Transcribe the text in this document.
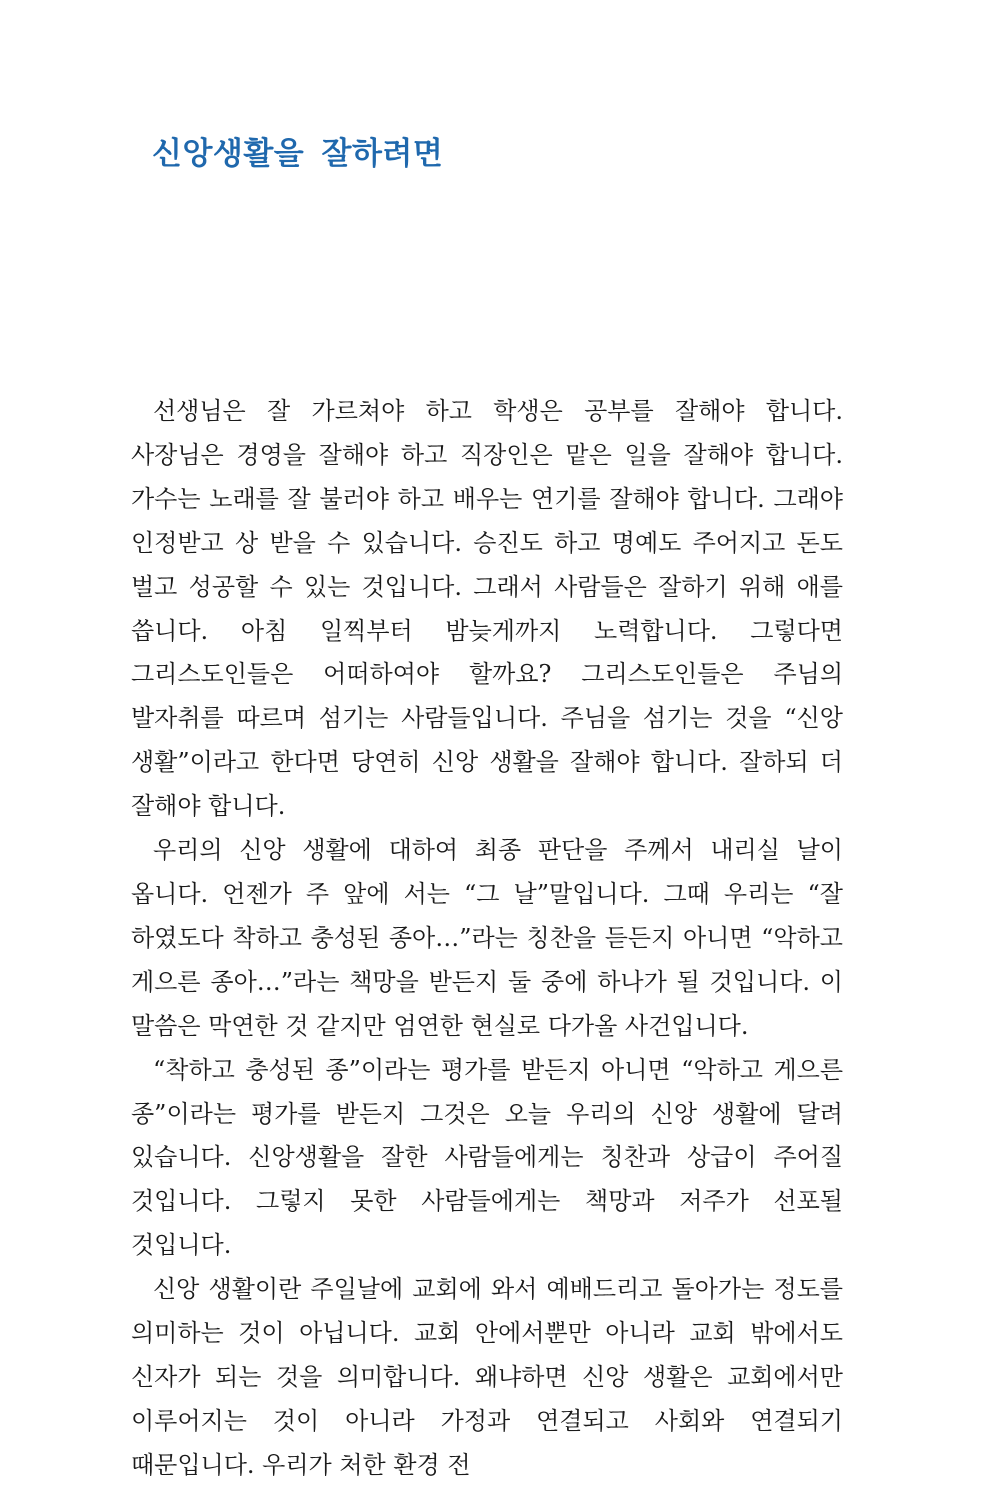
신앙생활을 잘하려면

선생님은 잘 가르쳐야 하고 학생은 공부를 잘해야 합니다. 사장님은 경영을 잘해야 하고 직장인은 맡은 일을 잘해야 합니다. 가수는 노래를 잘 불러야 하고 배우는 연기를 잘해야 합니다. 그래야 인정받고 상 받을 수 있습니다. 승진도 하고 명예도 주어지고 돈도 벌고 성공할 수 있는 것입니다. 그래서 사람들은 잘하기 위해 애를 씁니다. 아침 일찍부터 밤늦게까지 노력합니다. 그렇다면 그리스도인들은 어떠하여야 할까요? 그리스도인들은 주님의 발자취를 따르며 섬기는 사람들입니다. 주님을 섬기는 것을 “신앙 생활”이라고 한다면 당연히 신앙 생활을 잘해야 합니다. 잘하되 더 잘해야 합니다.

우리의 신앙 생활에 대하여 최종 판단을 주께서 내리실 날이 옵니다. 언젠가 주 앞에 서는 “그 날”말입니다. 그때 우리는 “잘 하였도다 착하고 충성된 종아…”라는 칭찬을 듣든지 아니면 “악하고 게으른 종아…”라는 책망을 받든지 둘 중에 하나가 될 것입니다. 이 말씀은 막연한 것 같지만 엄연한 현실로 다가올 사건입니다.

“착하고 충성된 종”이라는 평가를 받든지 아니면 “악하고 게으른 종”이라는 평가를 받든지 그것은 오늘 우리의 신앙 생활에 달려 있습니다. 신앙생활을 잘한 사람들에게는 칭찬과 상급이 주어질 것입니다. 그렇지 못한 사람들에게는 책망과 저주가 선포될 것입니다.

신앙 생활이란 주일날에 교회에 와서 예배드리고 돌아가는 정도를 의미하는 것이 아닙니다. 교회 안에서뿐만 아니라 교회 밖에서도 신자가 되는 것을 의미합니다. 왜냐하면 신앙 생활은 교회에서만 이루어지는 것이 아니라 가정과 연결되고 사회와 연결되기 때문입니다. 우리가 처한 환경 전
